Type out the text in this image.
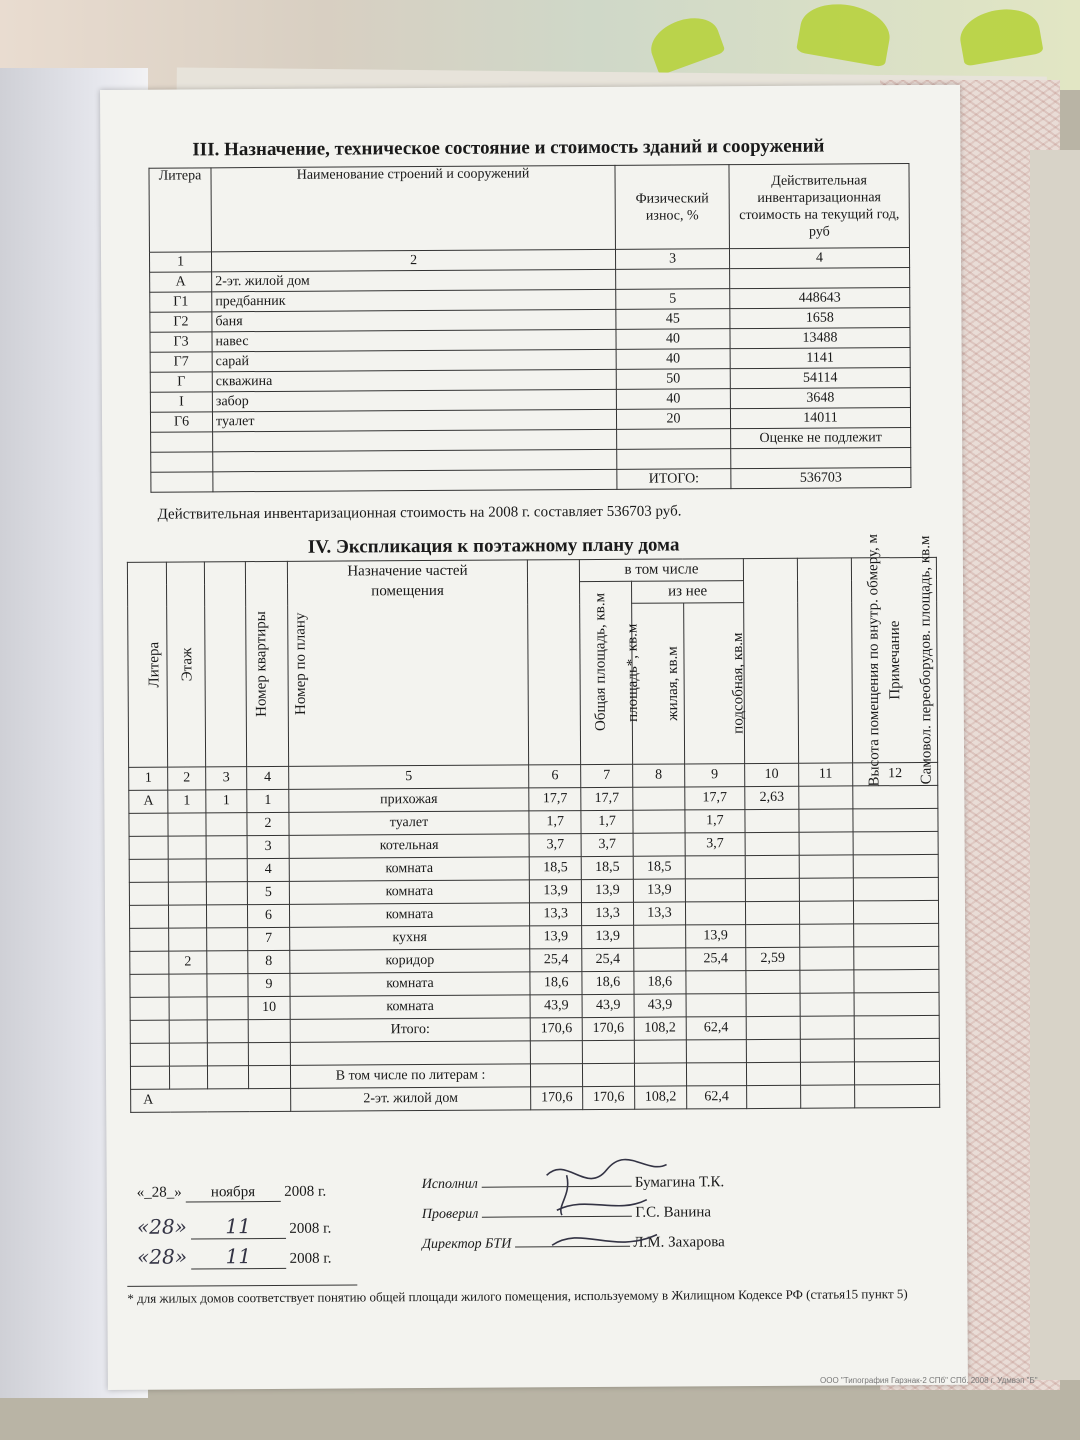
III. Назначение, техническое состояние и стоимость зданий и сооружений
Литера	Наименование строений и сооружений	Физический износ, %	Действительная инвентаризационная стоимость на текущий год, руб
1	2	3	4
А	2-эт. жилой дом		
Г1	предбанник	5	448643
Г2	баня	45	1658
Г3	навес	40	13488
Г7	сарай	40	1141
Г	скважина	50	54114
I	забор	40	3648
Г6	туалет	20	14011
			Оценке не подлежит

		ИТОГО:	536703
Действительная инвентаризационная стоимость на 2008 г. составляет 536703 руб.
IV. Экспликация к поэтажному плану дома
Литера	Этаж	Номер квартиры	Номер по плану	Назначение частей помещения	Общая площадь, кв.м	в том числе			Высота помещения по внутр. обмеру, м	Самовол. переоборудов. площадь, кв.м	Примечание
						площадь*, кв.м	из нее				
							жилая, кв.м	подсобная, кв.м			
1	2	3	4	5	6	7	8	9	10	11	12
А	1	1	1	прихожая	17,7	17,7		17,7	2,63		
			2	туалет	1,7	1,7		1,7			
			3	котельная	3,7	3,7		3,7			
			4	комната	18,5	18,5	18,5				
			5	комната	13,9	13,9	13,9				
			6	комната	13,3	13,3	13,3				
			7	кухня	13,9	13,9		13,9			
	2		8	коридор	25,4	25,4		25,4	2,59		
			9	комната	18,6	18,6	18,6				
			10	комната	43,9	43,9	43,9				
				Итого:	170,6	170,6	108,2	62,4			

				В том числе по литерам :							
А				2-эт. жилой дом	170,6	170,6	108,2	62,4			
«_28_» ноября 2008 г.
«28» 11	2008 г.
«28» 11	2008 г.
Исполнил	Бумагина Т.К.
Проверил	Г.С. Ванина
Директор БТИ	Л.М. Захарова
* для жилых домов соответствует понятию общей площади жилого помещения, используемому в Жилищном Кодексе РФ (статья15 пункт 5)
ООО "Типография Гарзнак-2 СПб" СПб. 2008 г. Удмвэп "Б"
